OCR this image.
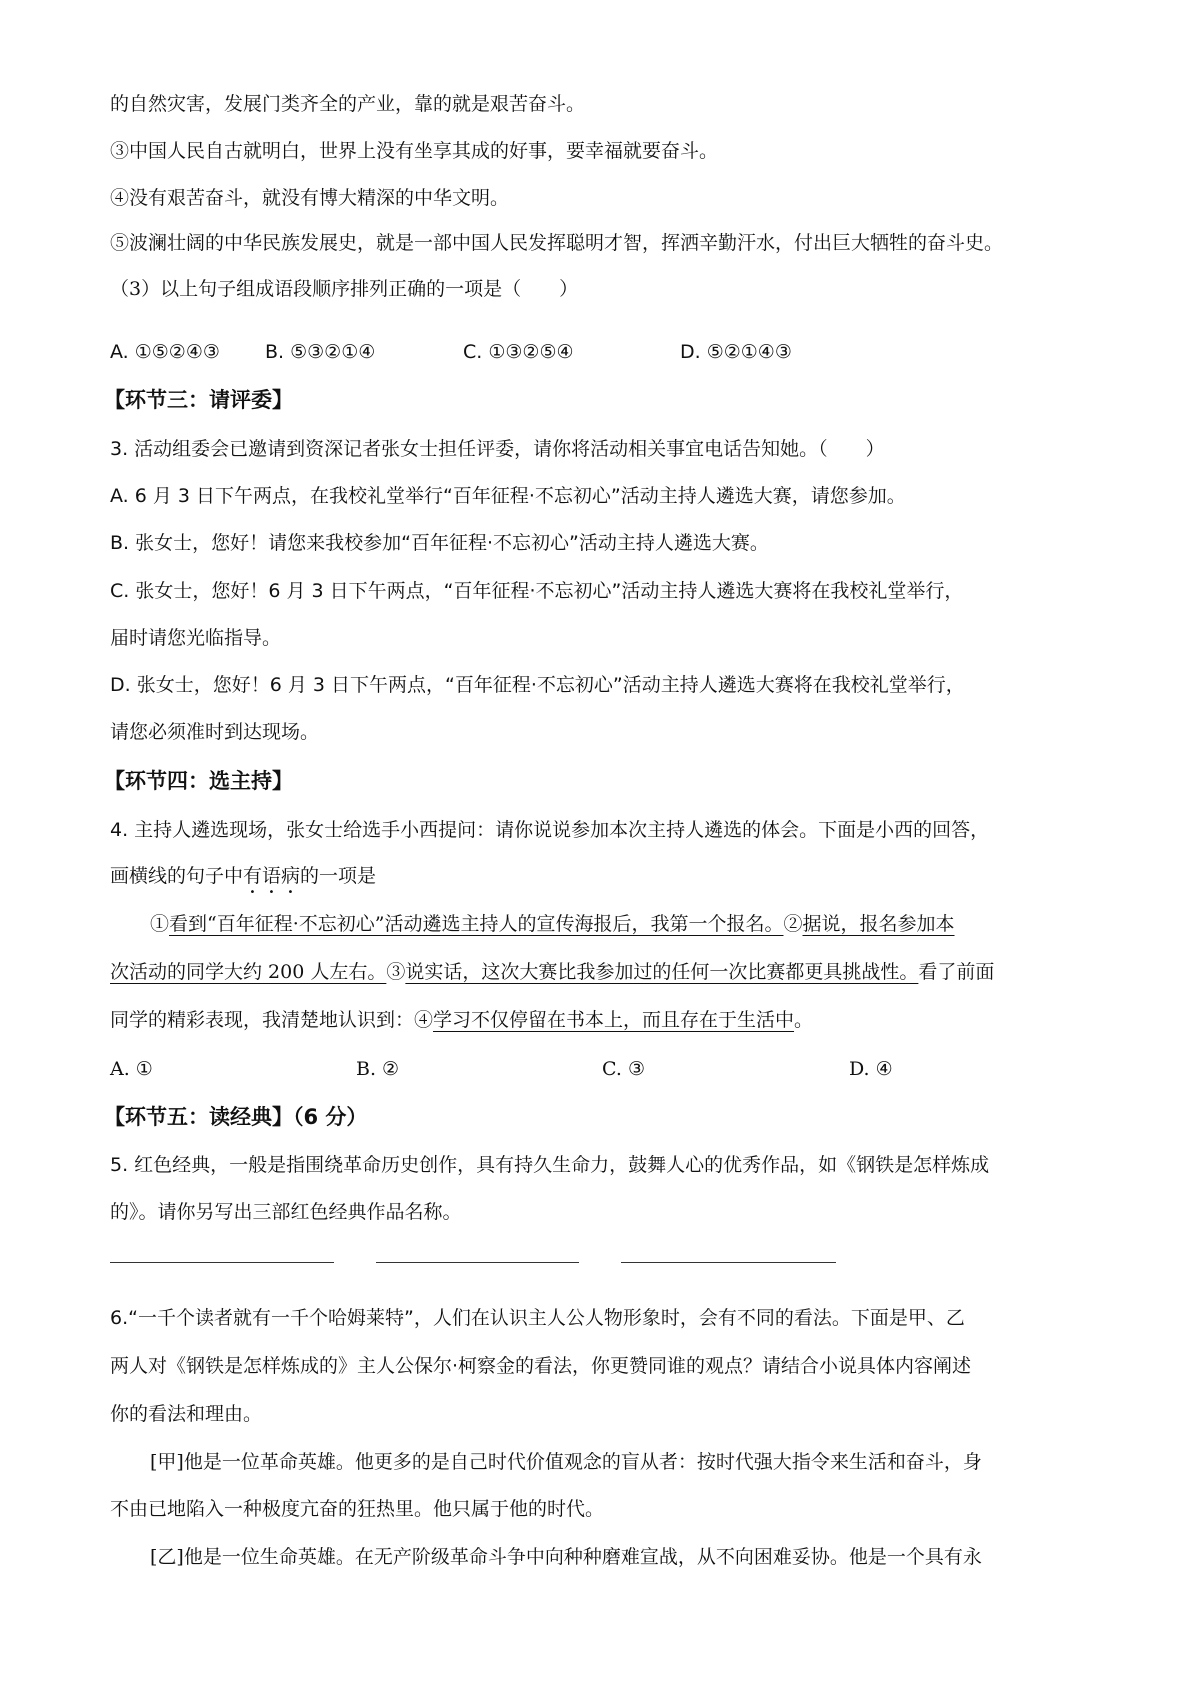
的自然灾害，发展门类齐全的产业，靠的就是艰苦奋斗。
③中国人民自古就明白，世界上没有坐享其成的好事，要幸福就要奋斗。
④没有艰苦奋斗，就没有博大精深的中华文明。
⑤波澜壮阔的中华民族发展史，就是一部中国人民发挥聪明才智，挥洒辛勤汗水，付出巨大牺牲的奋斗史。
（3）以上句子组成语段顺序排列正确的一项是（　　）
A. ①⑤②④③ B. ⑤③②①④	C. ①③②⑤④	D. ⑤②①④③
【环节三：请评委】
3. 活动组委会已邀请到资深记者张女士担任评委，请你将活动相关事宜电话告知她。（　　）
A. 6 月 3 日下午两点，在我校礼堂举行“百年征程·不忘初心”活动主持人遴选大赛，请您参加。
B. 张女士，您好！请您来我校参加“百年征程·不忘初心”活动主持人遴选大赛。
C. 张女士，您好！6 月 3 日下午两点，“百年征程·不忘初心”活动主持人遴选大赛将在我校礼堂举行，
届时请您光临指导。
D. 张女士，您好！6 月 3 日下午两点，“百年征程·不忘初心”活动主持人遴选大赛将在我校礼堂举行，
请您必须准时到达现场。
【环节四：选主持】
4. 主持人遴选现场，张女士给选手小西提问：请你说说参加本次主持人遴选的体会。下面是小西的回答，
画横线的句子中有语病的一项是
①看到“百年征程·不忘初心”活动遴选主持人的宣传海报后，我第一个报名。②据说，报名参加本
次活动的同学大约 200 人左右。③说实话，这次大赛比我参加过的任何一次比赛都更具挑战性。看了前面
同学的精彩表现，我清楚地认识到：④学习不仅停留在书本上，而且存在于生活中。
A. ①	B. ②	C. ③	D. ④
【环节五：读经典】（6 分）
5. 红色经典，一般是指围绕革命历史创作，具有持久生命力，鼓舞人心的优秀作品，如《钢铁是怎样炼成
的》。请你另写出三部红色经典作品名称。
6.“一千个读者就有一千个哈姆莱特”，人们在认识主人公人物形象时，会有不同的看法。下面是甲、乙
两人对《钢铁是怎样炼成的》主人公保尔·柯察金的看法，你更赞同谁的观点？请结合小说具体内容阐述
你的看法和理由。
[甲]他是一位革命英雄。他更多的是自己时代价值观念的盲从者：按时代强大指令来生活和奋斗，身
不由已地陷入一种极度亢奋的狂热里。他只属于他的时代。
[乙]他是一位生命英雄。在无产阶级革命斗争中向种种磨难宣战，从不向困难妥协。他是一个具有永
